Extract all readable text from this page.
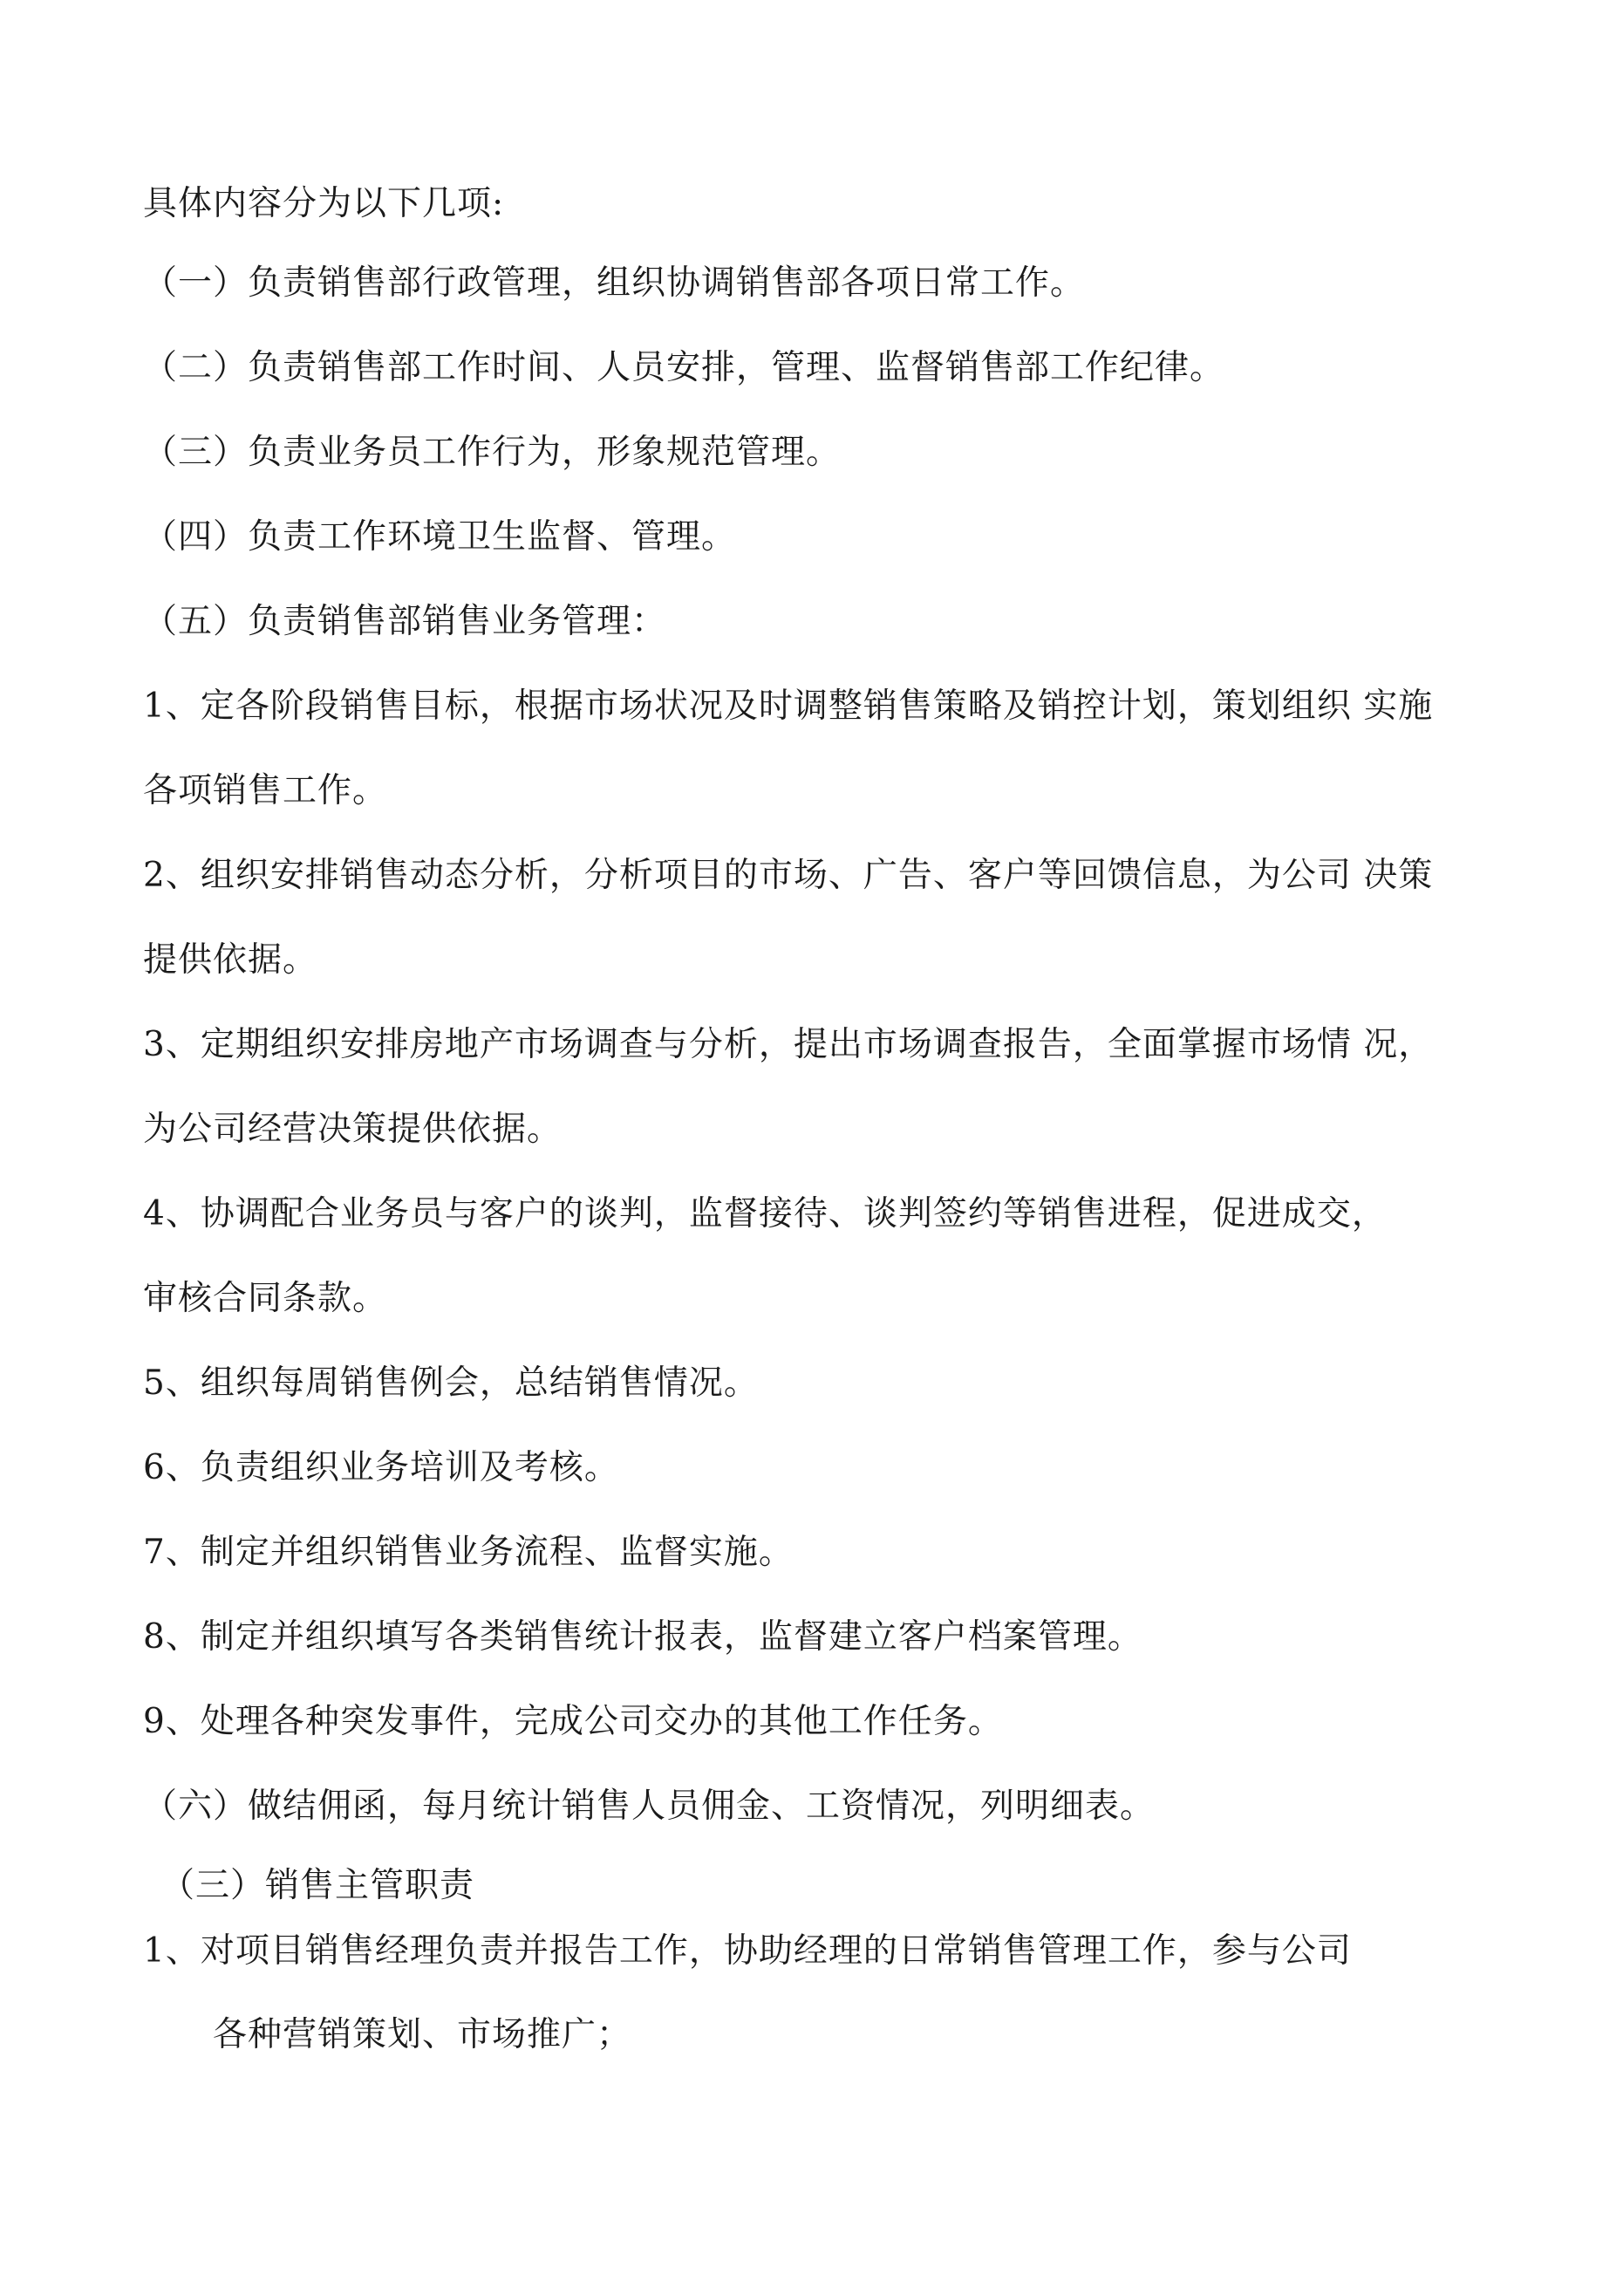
具体内容分为以下几项:
（一）负责销售部行政管理，组织协调销售部各项日常工作。
（二）负责销售部工作时间、人员安排，管理、监督销售部工作纪律。
（三）负责业务员工作行为，形象规范管理。
（四）负责工作环境卫生监督、管理。
（五）负责销售部销售业务管理：
1、定各阶段销售目标，根据市场状况及时调整销售策略及销控计划，策划组织 实施
各项销售工作。
2、组织安排销售动态分析，分析项目的市场、广告、客户等回馈信息，为公司 决策
提供依据。
3、定期组织安排房地产市场调查与分析，提出市场调查报告，全面掌握市场情 况，
为公司经营决策提供依据。
4、协调配合业务员与客户的谈判，监督接待、谈判签约等销售进程，促进成交，
审核合同条款。
5、组织每周销售例会，总结销售情况。
6、负责组织业务培训及考核。
7、制定并组织销售业务流程、监督实施。
8、制定并组织填写各类销售统计报表，监督建立客户档案管理。
9、处理各种突发事件，完成公司交办的其他工作任务。
（六）做结佣函，每月统计销售人员佣金、工资情况，列明细表。
（三）销售主管职责
1、对项目销售经理负责并报告工作，协助经理的日常销售管理工作，参与公司
各种营销策划、市场推广；
